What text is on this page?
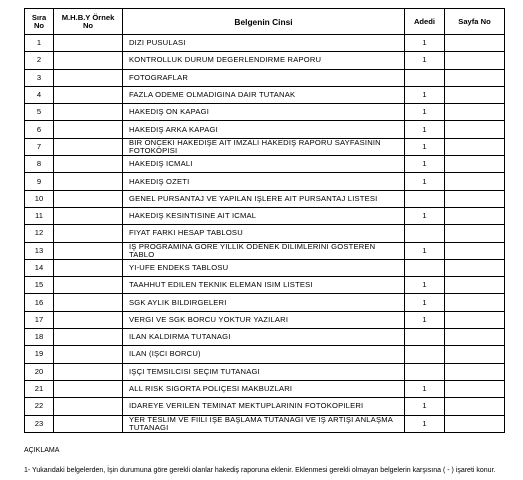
Sıra No	M.H.B.Y Örnek No	Belgenin Cinsi	Adedi	Sayfa No
1		DIZI PUSULASI	1	
2		KONTROLLUK DURUM DEGERLENDIRME RAPORU	1	
3		FOTOGRAFLAR		
4		FAZLA ODEME OLMADIGINA DAIR TUTANAK	1	
5		HAKEDIŞ ON KAPAGI	1	
6		HAKEDIŞ ARKA KAPAGI	1	
7		BIR ONCEKI HAKEDIŞE AIT IMZALI HAKEDIŞ RAPORU SAYFASININ FOTOKÖPISI	1	
8		HAKEDIŞ ICMALI	1	
9		HAKEDIŞ OZETI	1	
10		GENEL PURSANTAJ VE YAPILAN IŞLERE AIT PURSANTAJ LISTESI		
11		HAKEDIŞ KESINTISINE AIT ICMAL	1	
12		FIYAT FARKI HESAP TABLOSU		
13		IŞ PROGRAMINA GORE YILLIK ODENEK DILIMLERINI GOSTEREN TABLO	1	
14		YI-UFE ENDEKS TABLOSU		
15		TAAHHUT EDILEN TEKNIK ELEMAN ISIM LISTESI	1	
16		SGK AYLIK BILDIRGELERI	1	
17		VERGI VE SGK BORCU YOKTUR YAZILARI	1	
18		ILAN KALDIRMA TUTANAGI		
19		ILAN (IŞCI BORCU)		
20		IŞÇI TEMSILCISI SEÇIM TUTANAGI		
21		ALL RISK SIGORTA POLIÇESI MAKBUZLARI	1	
22		IDAREYE VERILEN TEMINAT MEKTUPLARININ FOTOKOPILERI	1	
23		YER TESLIM VE FIILI IŞE BAŞLAMA TUTANAGI VE IŞ ARTIŞI ANLAŞMA TUTANAGI	1	
AÇIKLAMA
1- Yukarıdaki belgelerden, İşin durumuna göre gerekli olanlar hakediş raporuna eklenir. Eklenmesi gerekli olmayan belgelerin karşısına ( - ) işareti konur.
